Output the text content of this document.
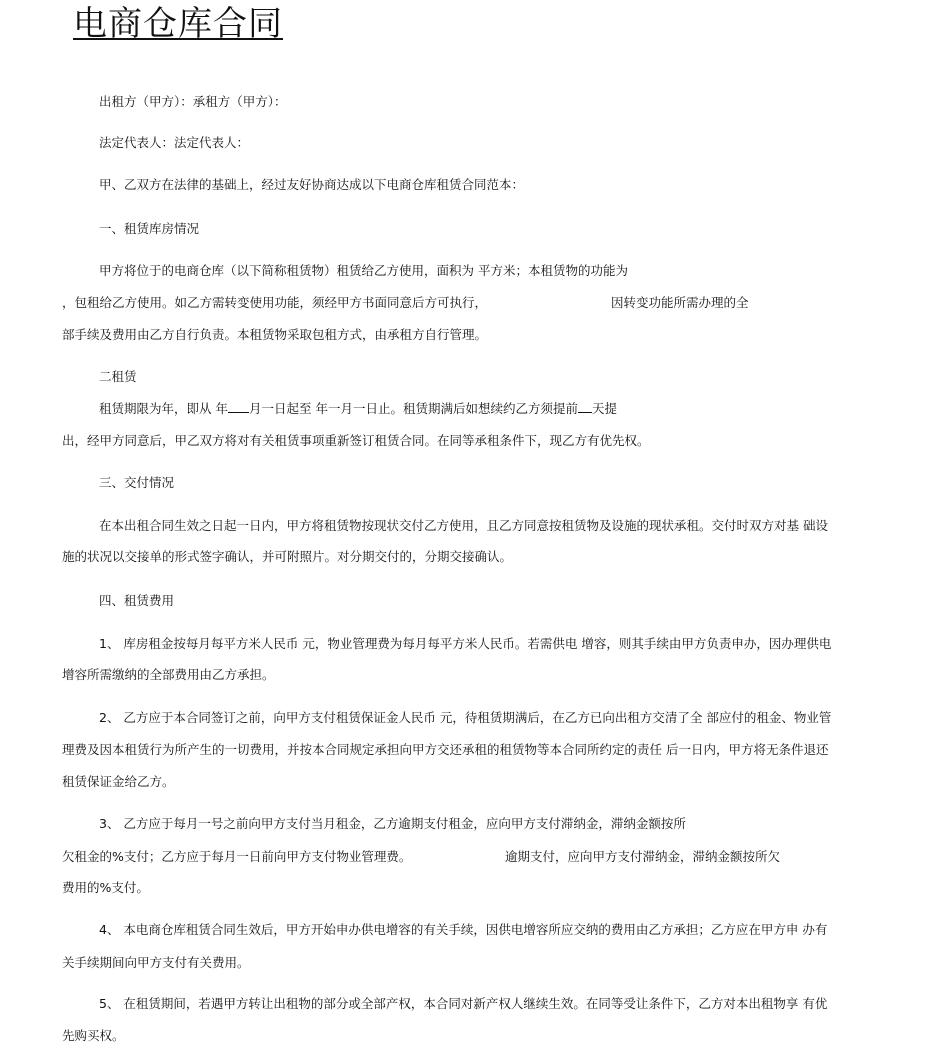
电商仓库合同
出租方（甲方）：承租方（甲方）：
法定代表人：法定代表人：
甲、乙双方在法律的基础上，经过友好协商达成以下电商仓库租赁合同范本：
一、租赁库房情况
甲方将位于的电商仓库（以下简称租赁物）租赁给乙方使用，面积为 平方米；本租赁物的功能为
，包租给乙方使用。如乙方需转变使用功能，须经甲方书面同意后方可执行，	因转变功能所需办理的全
部手续及费用由乙方自行负责。本租赁物采取包租方式，由承租方自行管理。
二租赁
租赁期限为年，即从 年 月一日起至 年一月一日止。租赁期满后如想续约乙方须提前 天提
出，经甲方同意后，甲乙双方将对有关租赁事项重新签订租赁合同。在同等承租条件下，现乙方有优先权。
三、交付情况
在本出租合同生效之日起一日内，甲方将租赁物按现状交付乙方使用，且乙方同意按租赁物及设施的现状承租。交付时双方对基 础设
施的状况以交接单的形式签字确认，并可附照片。对分期交付的，分期交接确认。
四、租赁费用
1、 库房租金按每月每平方米人民币 元，物业管理费为每月每平方米人民币。若需供电 增容，则其手续由甲方负责申办，因办理供电
增容所需缴纳的全部费用由乙方承担。
2、 乙方应于本合同签订之前，向甲方支付租赁保证金人民币 元，待租赁期满后，在乙方已向出租方交清了全 部应付的租金、物业管
理费及因本租赁行为所产生的一切费用，并按本合同规定承担向甲方交还承租的租赁物等本合同所约定的责任 后一日内，甲方将无条件退还
租赁保证金给乙方。
3、 乙方应于每月一号之前向甲方支付当月租金，乙方逾期支付租金，应向甲方支付滞纳金，滞纳金额按所
欠租金的%支付；乙方应于每月一日前向甲方支付物业管理费。	逾期支付，应向甲方支付滞纳金，滞纳金额按所欠
费用的%支付。
4、 本电商仓库租赁合同生效后，甲方开始申办供电增容的有关手续，因供电增容所应交纳的费用由乙方承担；乙方应在甲方申 办有
关手续期间向甲方支付有关费用。
5、 在租赁期间，若遇甲方转让出租物的部分或全部产权，本合同对新产权人继续生效。在同等受让条件下，乙方对本出租物享 有优
先购买权。
